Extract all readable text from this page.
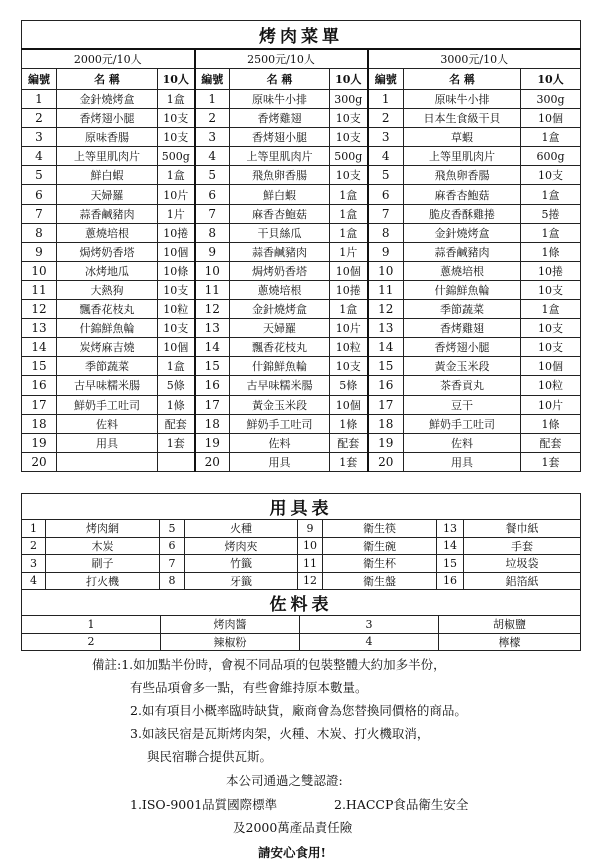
烤肉菜單								
2000元/10人			2500元/10人			3000元/10人		
編號	名 稱	10人	編號	名 稱	10人	編號	名 稱	10人
1	金針燒烤盒	1盒	1	原味牛小排	300g	1	原味牛小排	300g
2	香烤翅小腿	10支	2	香烤雞翅	10支	2	日本生食級干貝	10個
3	原味香腸	10支	3	香烤翅小腿	10支	3	草蝦	1盒
4	上等里肌肉片	500g	4	上等里肌肉片	500g	4	上等里肌肉片	600g
5	鮮白蝦	1盒	5	飛魚卵香腸	10支	5	飛魚卵香腸	10支
6	天婦羅	10片	6	鮮白蝦	1盒	6	麻香杏鮑菇	1盒
7	蒜香鹹豬肉	1片	7	麻香杏鮑菇	1盒	7	脆皮香酥雞捲	5捲
8	蔥燒培根	10捲	8	干貝絲瓜	1盒	8	金針燒烤盒	1盒
9	焗烤奶香塔	10個	9	蒜香鹹豬肉	1片	9	蒜香鹹豬肉	1條
10	冰烤地瓜	10條	10	焗烤奶香塔	10個	10	蔥燒培根	10捲
11	大熱狗	10支	11	蔥燒培根	10捲	11	什錦鮮魚輪	10支
12	飄香花枝丸	10粒	12	金針燒烤盒	1盒	12	季節蔬菜	1盒
13	什錦鮮魚輪	10支	13	天婦羅	10片	13	香烤雞翅	10支
14	炭烤麻吉燒	10個	14	飄香花枝丸	10粒	14	香烤翅小腿	10支
15	季節蔬菜	1盒	15	什錦鮮魚輪	10支	15	黃金玉米段	10個
16	古早味糯米腸	5條	16	古早味糯米腸	5條	16	茶香貢丸	10粒
17	鮮奶手工吐司	1條	17	黃金玉米段	10個	17	豆干	10片
18	佐料	配套	18	鮮奶手工吐司	1條	18	鮮奶手工吐司	1條
19	用具	1套	19	佐料	配套	19	佐料	配套
20			20	用具	1套	20	用具	1套
用具表							
1	烤肉網	5	火種	9	衛生筷	13	餐巾紙
2	木炭	6	烤肉夾	10	衛生碗	14	手套
3	刷子	7	竹籤	11	衛生杯	15	垃圾袋
4	打火機	8	牙籤	12	衛生盤	16	鋁箔紙
佐料表			
1	烤肉醬	3	胡椒鹽
2	辣椒粉	4	檸檬
備註:1.如加點半份時，會視不同品項的包裝整體大約加多半份，
有些品項會多一點，有些會維持原本數量。
2.如有項目小概率臨時缺貨，廠商會為您替換同價格的商品。
3.如該民宿是瓦斯烤肉架，火種、木炭、打火機取消，
與民宿聯合提供瓦斯。
本公司通過之雙認證:
1.ISO-9001品質國際標準	2.HACCP食品衛生安全
及2000萬產品責任險
請安心食用!
